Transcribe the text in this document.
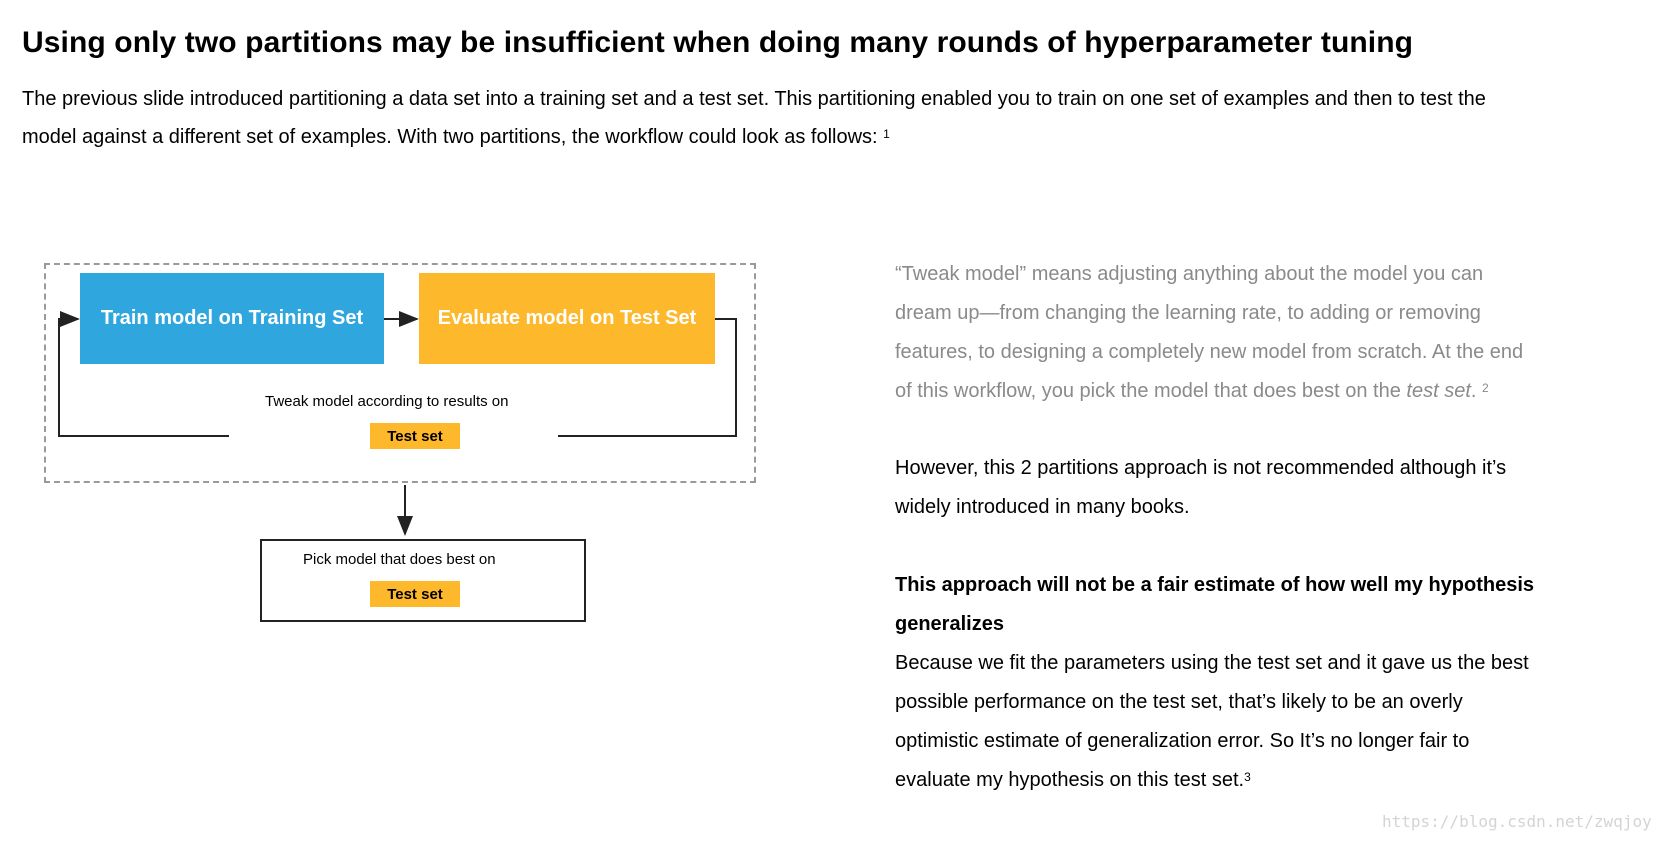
Using only two partitions may be insufficient when doing many rounds of hyperparameter tuning
The previous slide introduced partitioning a data set into a training set and a test set. This partitioning enabled you to train on one set of examples and then to test the
model against a different set of examples. With two partitions, the workflow could look as follows: $^1$
Train model on Training Set	Evaluate model on Test Set
Tweak model according to results on
Test set
Pick model that does best on
Test set
“Tweak model” means adjusting anything about the model you can
dream up—from changing the learning rate, to adding or removing
features, to designing a completely new model from scratch. At the end
of this workflow, you pick the model that does best on the test set. $^2$
However, this 2 partitions approach is not recommended although it’s
widely introduced in many books.
This approach will not be a fair estimate of how well my hypothesis
generalizes
Because we fit the parameters using the test set and it gave us the best
possible performance on the test set, that’s likely to be an overly
optimistic estimate of generalization error. So It’s no longer fair to
evaluate my hypothesis on this test set.$^3$
https://blog.csdn.net/zwqjoy
